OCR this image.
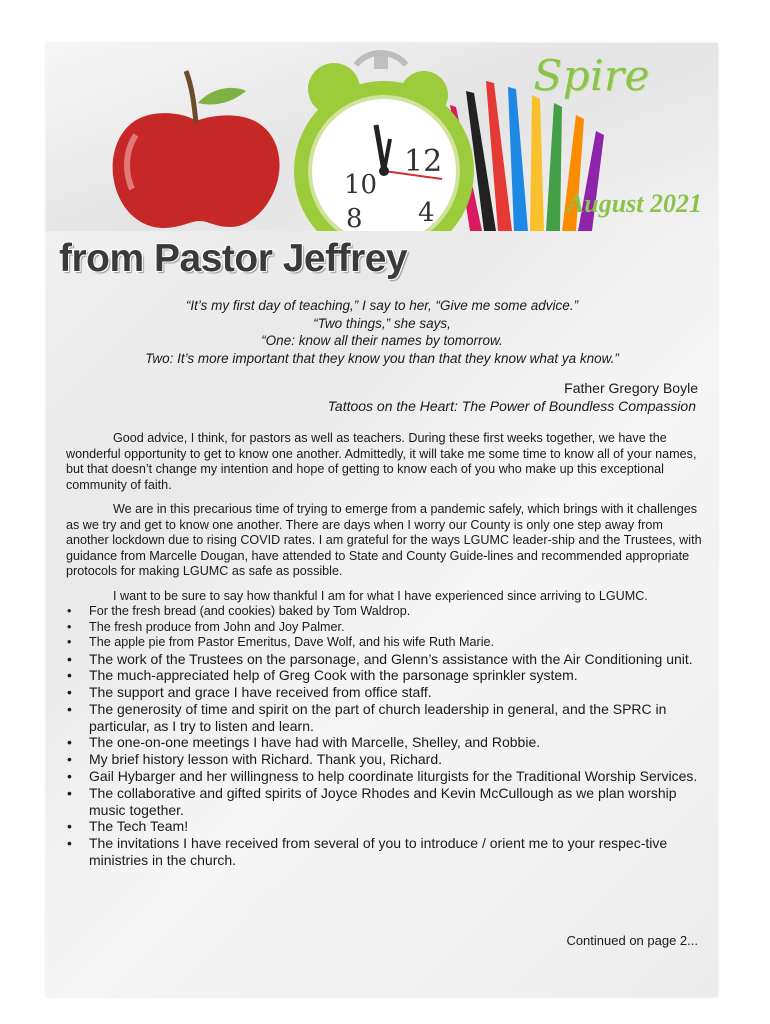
12
10
4
8
Spire
August 2021
from Pastor Jeffrey
“It’s my first day of teaching,” I say to her, “Give me some advice.”
“Two things,” she says,
“One: know all their names by tomorrow.
Two: It’s more important that they know you than that they know what ya know.”
Father Gregory Boyle
Tattoos on the Heart: The Power of Boundless Compassion

Good advice, I think, for pastors as well as teachers. During these first weeks together, we have the wonderful opportunity to get to know one another. Admittedly, it will take me some time to know all of your names, but that doesn’t change my intention and hope of getting to know each of you who make up this exceptional community of faith.

We are in this precarious time of trying to emerge from a pandemic safely, which brings with it challenges as we try and get to know one another. There are days when I worry our County is only one step away from another lockdown due to rising COVID rates. I am grateful for the ways LGUMC leader-ship and the Trustees, with guidance from Marcelle Dougan, have attended to State and County Guide-lines and recommended appropriate protocols for making LGUMC as safe as possible.

I want to be sure to say how thankful I am for what I have experienced since arriving to LGUMC.

• For the fresh bread (and cookies) baked by Tom Waldrop.
• The fresh produce from John and Joy Palmer.
• The apple pie from Pastor Emeritus, Dave Wolf, and his wife Ruth Marie.
• The work of the Trustees on the parsonage, and Glenn’s assistance with the Air Conditioning unit.
• The much-appreciated help of Greg Cook with the parsonage sprinkler system.
• The support and grace I have received from office staff.
• The generosity of time and spirit on the part of church leadership in general, and the SPRC in particular, as I try to listen and learn.
• The one-on-one meetings I have had with Marcelle, Shelley, and Robbie.
• My brief history lesson with Richard. Thank you, Richard.
• Gail Hybarger and her willingness to help coordinate liturgists for the Traditional Worship Services.
• The collaborative and gifted spirits of Joyce Rhodes and Kevin McCullough as we plan worship music together.
• The Tech Team!
• The invitations I have received from several of you to introduce / orient me to your respec-tive ministries in the church.
Continued on page 2...
